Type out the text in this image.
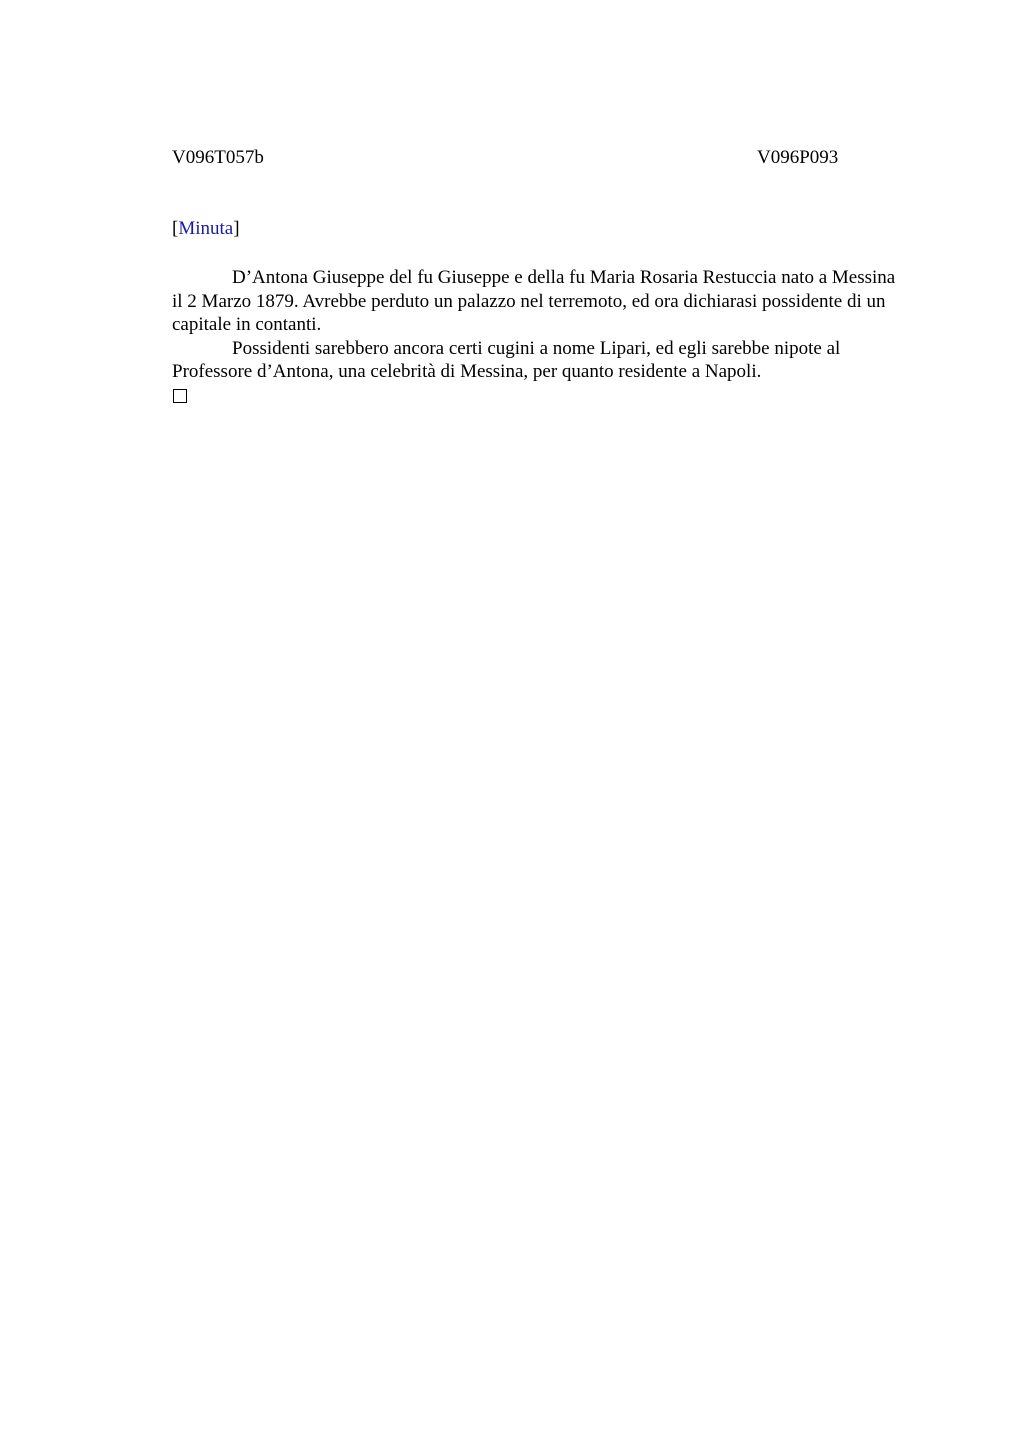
V096T057b	V096P093
[Minuta]

D’Antona Giuseppe del fu Giuseppe e della fu Maria Rosaria Restuccia nato a Messina il 2 Marzo 1879. Avrebbe perduto un palazzo nel terremoto, ed ora dichiarasi possidente di un capitale in contanti.

Possidenti sarebbero ancora certi cugini a nome Lipari, ed egli sarebbe nipote al Professore d’Antona, una celebrità di Messina, per quanto residente a Napoli.
